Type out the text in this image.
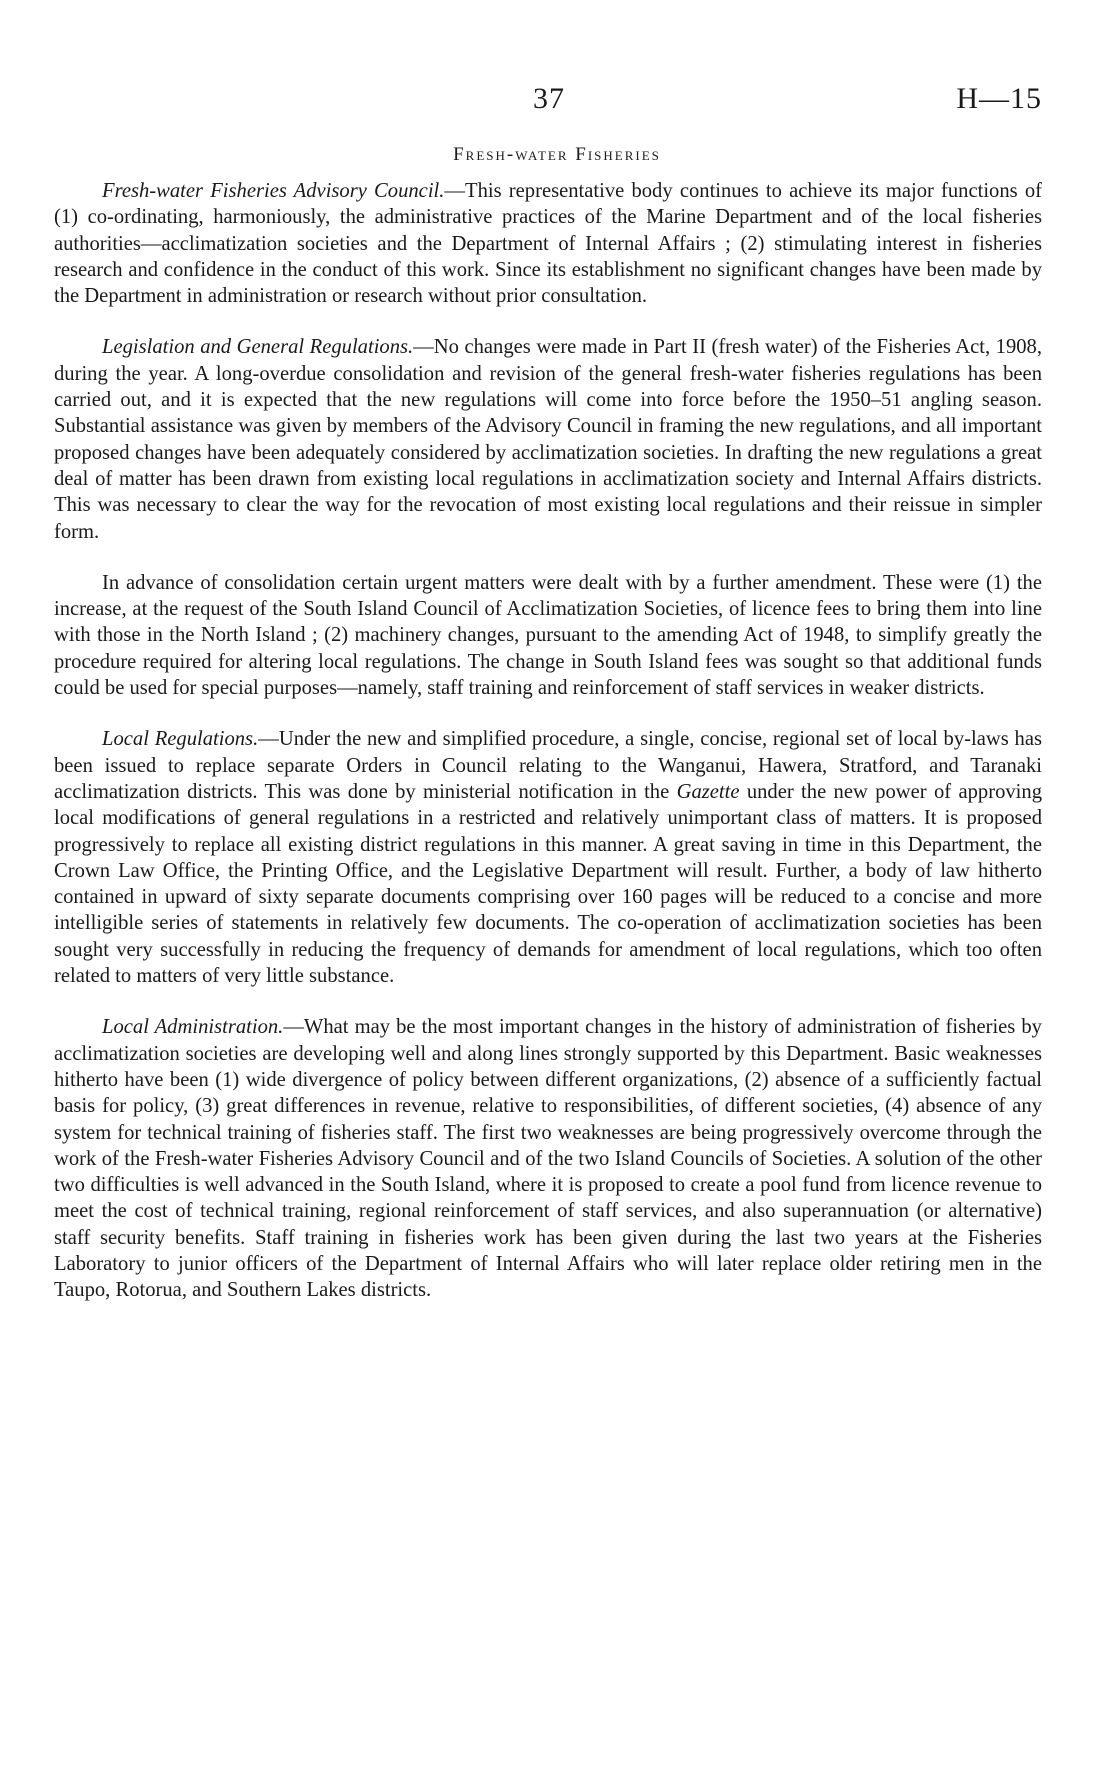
37	H—15
Fresh-water Fisheries

Fresh-water Fisheries Advisory Council.—This representative body continues to achieve its major functions of (1) co-ordinating, harmoniously, the administrative practices of the Marine Department and of the local fisheries authorities—acclimatization societies and the Department of Internal Affairs ; (2) stimulating interest in fisheries research and confidence in the conduct of this work. Since its establishment no significant changes have been made by the Department in administration or research without prior consultation.

Legislation and General Regulations.—No changes were made in Part II (fresh water) of the Fisheries Act, 1908, during the year. A long-overdue consolidation and revision of the general fresh-water fisheries regulations has been carried out, and it is expected that the new regulations will come into force before the 1950–51 angling season. Substantial assistance was given by members of the Advisory Council in framing the new regulations, and all important proposed changes have been adequately considered by acclimatization societies. In drafting the new regulations a great deal of matter has been drawn from existing local regulations in acclimatization society and Internal Affairs districts. This was necessary to clear the way for the revocation of most existing local regulations and their reissue in simpler form.

In advance of consolidation certain urgent matters were dealt with by a further amendment. These were (1) the increase, at the request of the South Island Council of Acclimatization Societies, of licence fees to bring them into line with those in the North Island ; (2) machinery changes, pursuant to the amending Act of 1948, to simplify greatly the procedure required for altering local regulations. The change in South Island fees was sought so that additional funds could be used for special purposes—namely, staff training and reinforcement of staff services in weaker districts.

Local Regulations.—Under the new and simplified procedure, a single, concise, regional set of local by-laws has been issued to replace separate Orders in Council relating to the Wanganui, Hawera, Stratford, and Taranaki acclimatization districts. This was done by ministerial notification in the Gazette under the new power of approving local modifications of general regulations in a restricted and relatively unimportant class of matters. It is proposed progressively to replace all existing district regulations in this manner. A great saving in time in this Department, the Crown Law Office, the Printing Office, and the Legislative Department will result. Further, a body of law hitherto contained in upward of sixty separate documents comprising over 160 pages will be reduced to a concise and more intelligible series of statements in relatively few documents. The co-operation of acclimatization societies has been sought very successfully in reducing the frequency of demands for amendment of local regulations, which too often related to matters of very little substance.

Local Administration.—What may be the most important changes in the history of administration of fisheries by acclimatization societies are developing well and along lines strongly supported by this Department. Basic weaknesses hitherto have been (1) wide divergence of policy between different organizations, (2) absence of a sufficiently factual basis for policy, (3) great differences in revenue, relative to responsibilities, of different societies, (4) absence of any system for technical training of fisheries staff. The first two weaknesses are being progressively overcome through the work of the Fresh-water Fisheries Advisory Council and of the two Island Councils of Societies. A solution of the other two difficulties is well advanced in the South Island, where it is proposed to create a pool fund from licence revenue to meet the cost of technical training, regional reinforcement of staff services, and also superannuation (or alternative) staff security benefits. Staff training in fisheries work has been given during the last two years at the Fisheries Laboratory to junior officers of the Department of Internal Affairs who will later replace older retiring men in the Taupo, Rotorua, and Southern Lakes districts.
